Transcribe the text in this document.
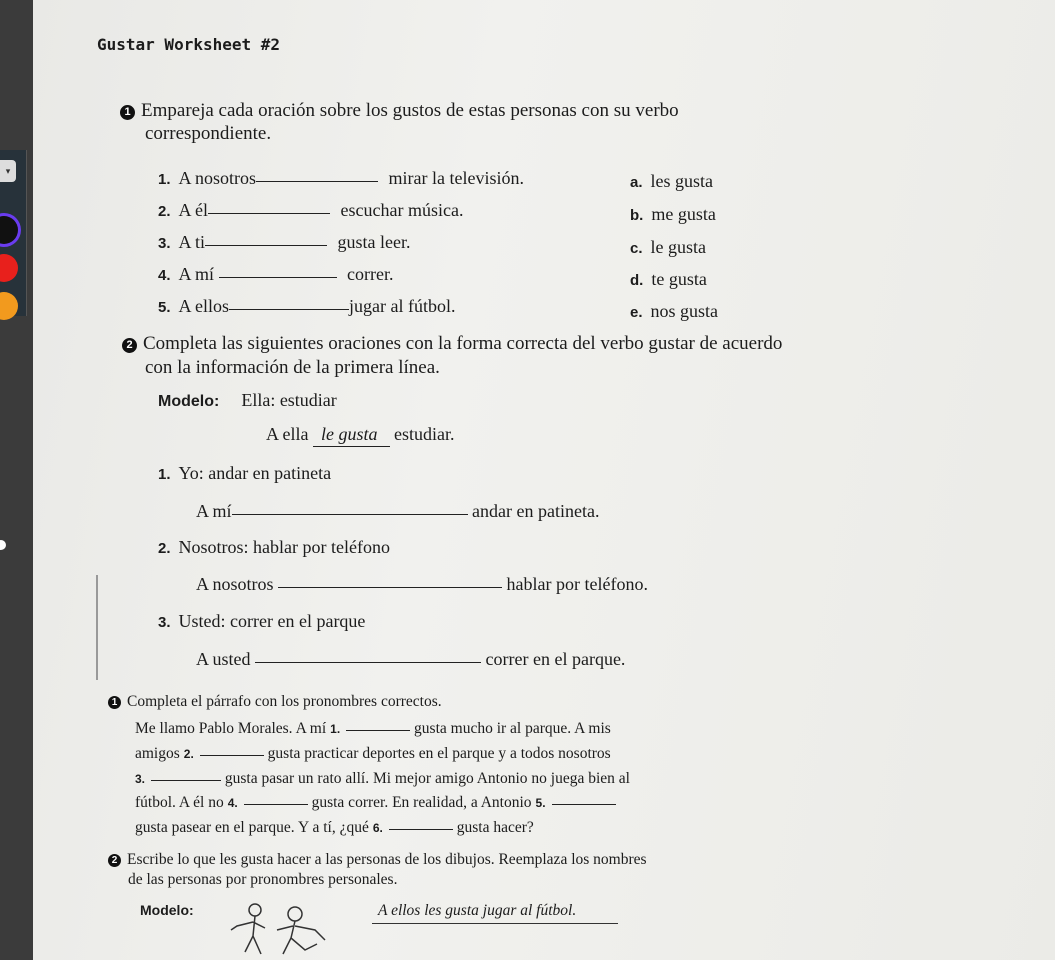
▾
Gustar Worksheet #2
1 Empareja cada oración sobre los gustos de estas personas con su verbo
correspondiente.
1. A nosotros	mirar la televisión.
2. A él	escuchar música.
3. A ti	gusta leer.
4. A mí	correr.
5. A ellos	jugar al fútbol.
a. les gusta
b. me gusta
c. le gusta
d. te gusta
e. nos gusta
2 Completa las siguientes oraciones con la forma correcta del verbo gustar de acuerdo
con la información de la primera línea.
Modelo: Ella: estudiar
A ella le gusta estudiar.
1. Yo: andar en patineta
A mí	andar en patineta.
2. Nosotros: hablar por teléfono
A nosotros	hablar por teléfono.
3. Usted: correr en el parque
A usted	correr en el parque.
1 Completa el párrafo con los pronombres correctos.
Me llamo Pablo Morales. A mí 1.	gusta mucho ir al parque. A mis
amigos 2.	gusta practicar deportes en el parque y a todos nosotros
3.	gusta pasar un rato allí. Mi mejor amigo Antonio no juega bien al
fútbol. A él no 4.	gusta correr. En realidad, a Antonio 5.
gusta pasear en el parque. Y a tí, ¿qué 6.	gusta hacer?
2 Escribe lo que les gusta hacer a las personas de los dibujos. Reemplaza los nombres
de las personas por pronombres personales.
Modelo:	A ellos les gusta jugar al fútbol.
